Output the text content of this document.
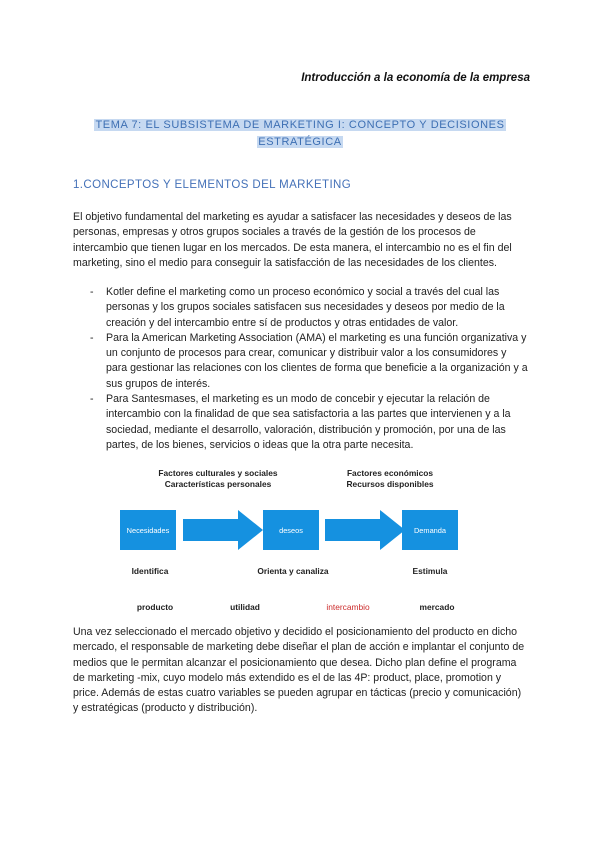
Introducción a la economía de la empresa
TEMA 7: EL SUBSISTEMA DE MARKETING I: CONCEPTO Y DECISIONES
ESTRATÉGICA
1.CONCEPTOS Y ELEMENTOS DEL MARKETING
El objetivo fundamental del marketing es ayudar a satisfacer las necesidades y deseos de las personas, empresas y otros grupos sociales a través de la gestión de los procesos de intercambio que tienen lugar en los mercados. De esta manera, el intercambio no es el fin del marketing, sino el medio para conseguir la satisfacción de las necesidades de los clientes.
- Kotler define el marketing como un proceso económico y social a través del cual las personas y los grupos sociales satisfacen sus necesidades y deseos por medio de la creación y del intercambio entre sí de productos y otras entidades de valor.
- Para la American Marketing Association (AMA) el marketing es una función organizativa y un conjunto de procesos para crear, comunicar y distribuir valor a los consumidores y para gestionar las relaciones con los clientes de forma que beneficie a la organización y a sus grupos de interés.
- Para Santesmases, el marketing es un modo de concebir y ejecutar la relación de intercambio con la finalidad de que sea satisfactoria a las partes que intervienen y a la sociedad, mediante el desarrollo, valoración, distribución y promoción, por una de las partes, de los bienes, servicios o ideas que la otra parte necesita.
Factores culturales y sociales
Características personales
Factores económicos
Recursos disponibles
Necesidades	deseos	Demanda
Identifica	Orienta y canaliza	Estimula
producto	utilidad	intercambio	mercado
Una vez seleccionado el mercado objetivo y decidido el posicionamiento del producto en dicho mercado, el responsable de marketing debe diseñar el plan de acción e implantar el conjunto de medios que le permitan alcanzar el posicionamiento que desea. Dicho plan define el programa de marketing -mix, cuyo modelo más extendido es el de las 4P: product, place, promotion y price. Además de estas cuatro variables se pueden agrupar en tácticas (precio y comunicación) y estratégicas (producto y distribución).
